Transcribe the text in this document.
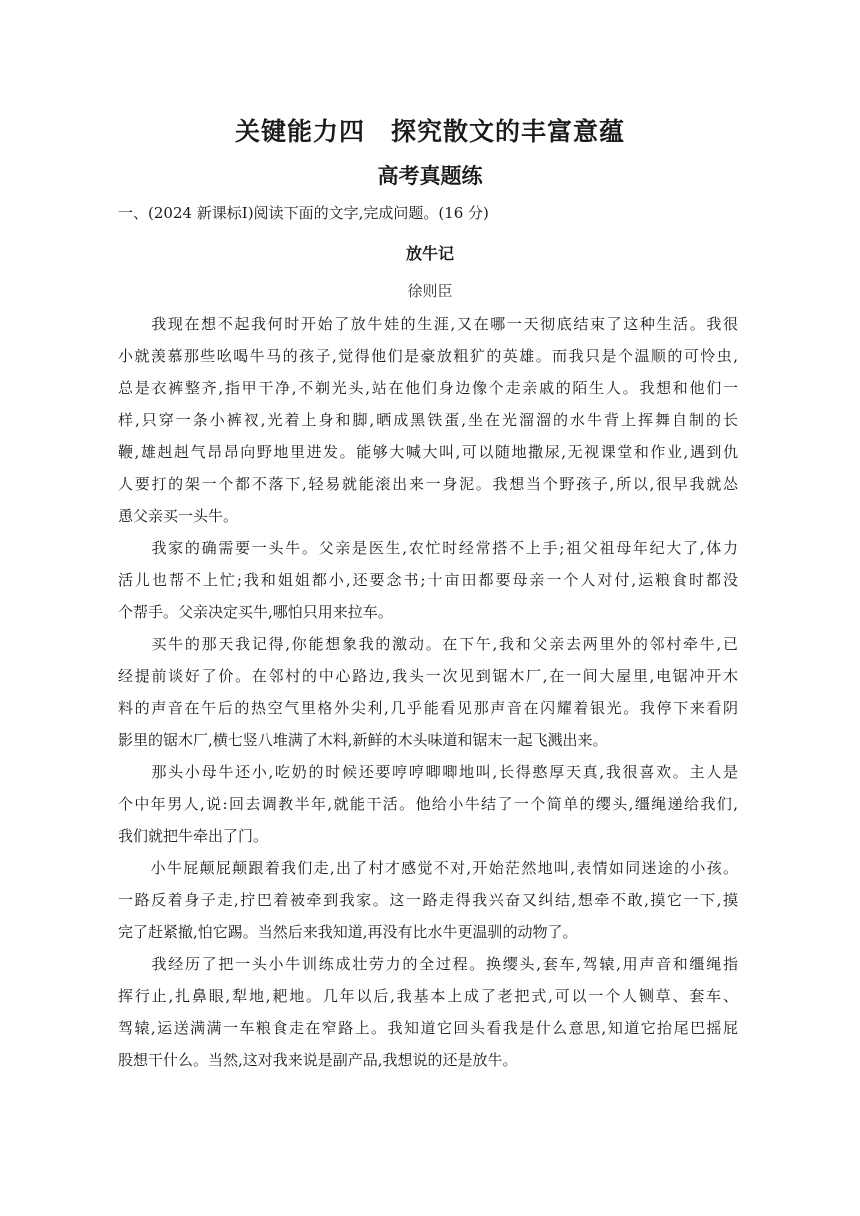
关键能力四　探究散文的丰富意蕴
高考真题练

一、(2024 新课标Ⅰ)阅读下面的文字,完成问题。(16 分)

放牛记

徐则臣

　　我现在想不起我何时开始了放牛娃的生涯,又在哪一天彻底结束了这种生活。我很
小就羡慕那些吆喝牛马的孩子,觉得他们是豪放粗犷的英雄。而我只是个温顺的可怜虫,
总是衣裤整齐,指甲干净,不剃光头,站在他们身边像个走亲戚的陌生人。我想和他们一
样,只穿一条小裤衩,光着上身和脚,晒成黑铁蛋,坐在光溜溜的水牛背上挥舞自制的长
鞭,雄赳赳气昂昂向野地里进发。能够大喊大叫,可以随地撒尿,无视课堂和作业,遇到仇
人要打的架一个都不落下,轻易就能滚出来一身泥。我想当个野孩子,所以,很早我就怂
恿父亲买一头牛。
　　我家的确需要一头牛。父亲是医生,农忙时经常搭不上手;祖父祖母年纪大了,体力
活儿也帮不上忙;我和姐姐都小,还要念书;十亩田都要母亲一个人对付,运粮食时都没
个帮手。父亲决定买牛,哪怕只用来拉车。
　　买牛的那天我记得,你能想象我的激动。在下午,我和父亲去两里外的邻村牵牛,已
经提前谈好了价。在邻村的中心路边,我头一次见到锯木厂,在一间大屋里,电锯冲开木
料的声音在午后的热空气里格外尖利,几乎能看见那声音在闪耀着银光。我停下来看阴
影里的锯木厂,横七竖八堆满了木料,新鲜的木头味道和锯末一起飞溅出来。
　　那头小母牛还小,吃奶的时候还要哼哼唧唧地叫,长得憨厚天真,我很喜欢。主人是
个中年男人,说:回去调教半年,就能干活。他给小牛结了一个简单的缨头,缰绳递给我们,
我们就把牛牵出了门。
　　小牛屁颠屁颠跟着我们走,出了村才感觉不对,开始茫然地叫,表情如同迷途的小孩。
一路反着身子走,拧巴着被牵到我家。这一路走得我兴奋又纠结,想牵不敢,摸它一下,摸
完了赶紧撤,怕它踢。当然后来我知道,再没有比水牛更温驯的动物了。
　　我经历了把一头小牛训练成壮劳力的全过程。换缨头,套车,驾辕,用声音和缰绳指
挥行止,扎鼻眼,犁地,耙地。几年以后,我基本上成了老把式,可以一个人铡草、套车、
驾辕,运送满满一车粮食走在窄路上。我知道它回头看我是什么意思,知道它抬尾巴摇屁
股想干什么。当然,这对我来说是副产品,我想说的还是放牛。
